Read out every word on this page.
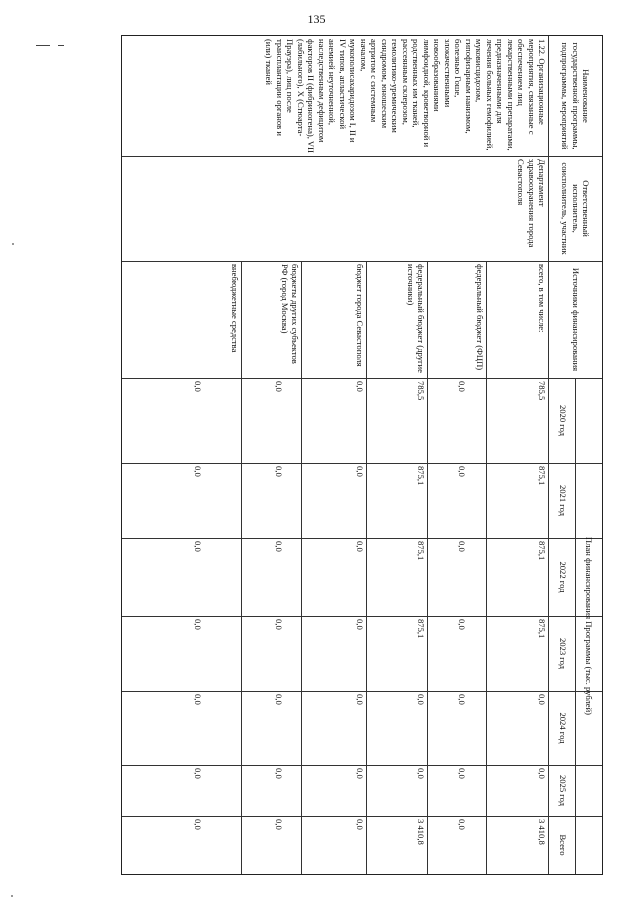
135
Наименование государственной программы, подпрограммы, мероприятий
Ответственный исполнитель, соисполнитель, участник
Источники финансирования
План финансирования Программы (тыс. рублей)
2020 год
2021 год
2022 год
2023 год
2024 год
2025 год
Всего
1.22. Организационные мероприятия, связанные с обеспечением лиц лекарственными препаратами, предназначенными для лечения больных гемофилией, муковисцидозом, гипофизарным нанизмом, болезнью Гоше, злокачественными новообразованиями лимфоидной, кроветворной и родственных им тканей, рассеянным склерозом, гемолитико-уремическим синдромом, юношеским артритом с системным началом, мукополисахаридозом I, II и IV типов, апластической анемией неуточненной, наследственным дефицитом факторов II (фибриногена), VII (лабильного), X (Стюарта-Прауэра), лиц после трансплантации органов и (или) тканей
Департамент здравоохранения города Севастополя
всего, в том числе:
785,5
875,1
875,1
875,1
0,0
0,0
3 410,8
федеральный бюджет (ФЦП)
0,0
0,0
0,0
0,0
0,0
0,0
0,0
федеральный бюджет (другие источники)
785,5
875,1
875,1
875,1
0,0
0,0
3 410,8
бюджет города Севастополя
0,0
0,0
0,0
0,0
0,0
0,0
0,0
бюджеты других субъектов РФ (город Москва)
0,0
0,0
0,0
0,0
0,0
0,0
0,0
внебюджетные средства
0,0
0,0
0,0
0,0
0,0
0,0
0,0
